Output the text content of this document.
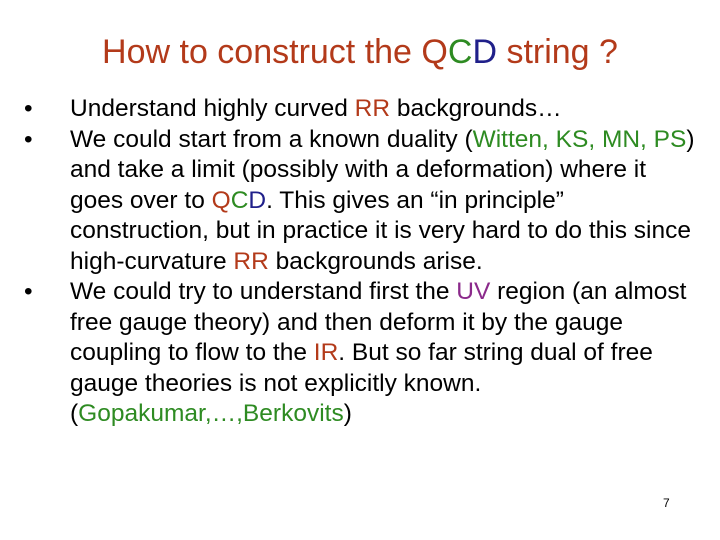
How to construct the QCD string ?
•	Understand highly curved RR backgrounds…
•	We could start from a known duality (Witten, KS, MN, PS) and take a limit (possibly with a deformation) where it goes over to QCD. This gives an “in principle” construction, but in practice it is very hard to do this since high-curvature RR backgrounds arise.
•	We could try to understand first the UV region (an almost free gauge theory) and then deform it by the gauge coupling to flow to the IR. But so far string dual of free gauge theories is not explicitly known. (Gopakumar,…,Berkovits)
7
